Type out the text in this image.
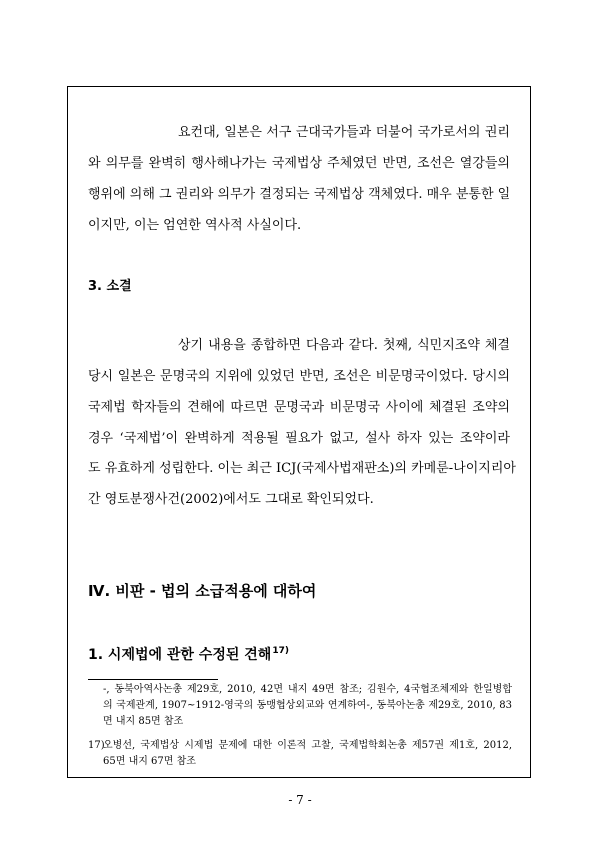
요컨대, 일본은 서구 근대국가들과 더불어 국가로서의 권리
와 의무를 완벽히 행사해나가는 국제법상 주체였던 반면, 조선은 열강들의
행위에 의해 그 권리와 의무가 결정되는 국제법상 객체였다. 매우 분통한 일
이지만, 이는 엄연한 역사적 사실이다.
3. 소결
상기 내용을 종합하면 다음과 같다. 첫째, 식민지조약 체결
당시 일본은 문명국의 지위에 있었던 반면, 조선은 비문명국이었다. 당시의
국제법 학자들의 견해에 따르면 문명국과 비문명국 사이에 체결된 조약의
경우 ‘국제법’이 완벽하게 적용될 필요가 없고, 설사 하자 있는 조약이라
도 유효하게 성립한다. 이는 최근 ICJ(국제사법재판소)의 카메룬-나이지리아
간 영토분쟁사건(2002)에서도 그대로 확인되었다.
Ⅳ. 비판 - 법의 소급적용에 대하여
1. 시제법에 관한 수정된 견해$^{17)}$
-, 동북아역사논총 제29호, 2010, 42면 내지 49면 참조; 김원수, 4국협조체제와 한일병합
의 국제관계, 1907~1912-영국의 동맹협상외교와 연계하여-, 동북아논총 제29호, 2010, 83
면 내지 85면 참조
17)
오병선, 국제법상 시제법 문제에 대한 이론적 고찰, 국제법학회논총 제57권 제1호, 2012,
65면 내지 67면 참조
- 7 -
